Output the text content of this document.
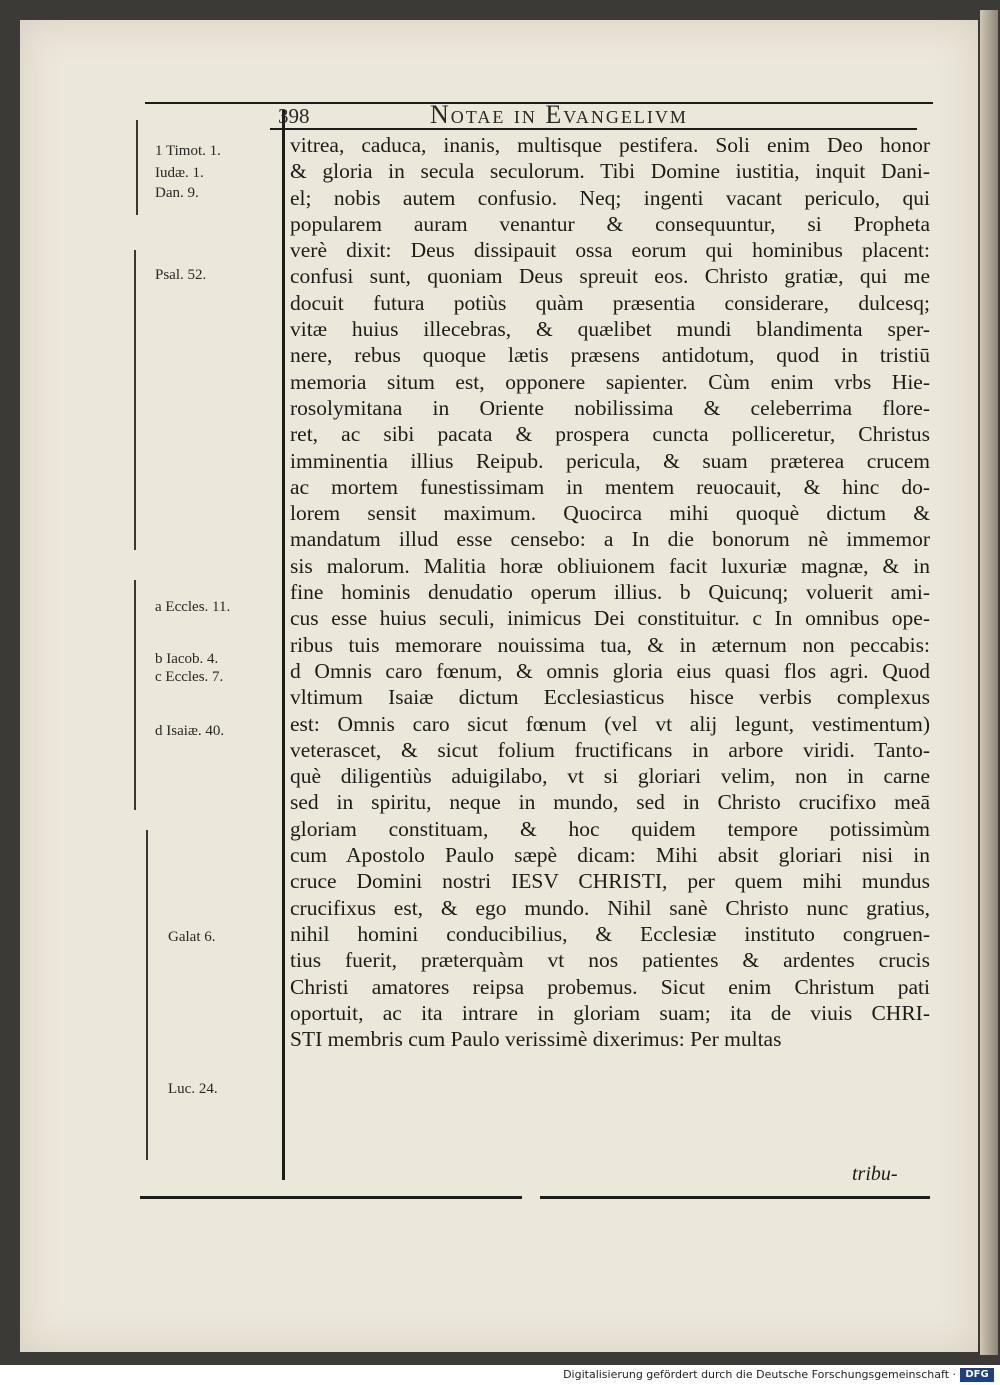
398	Notae in Evangelivm
1 Timot. 1.
Iudæ. 1.
Dan. 9.
Psal. 52.
a Eccles. 11.
b Iacob. 4.
c Eccles. 7.
d Isaiæ. 40.
Galat 6.
Luc. 24.
vitrea, caduca, inanis, multisque pestifera. Soli enim Deo honor
& gloria in secula seculorum. Tibi Domine iustitia, inquit Dani-
el; nobis autem confusio. Neq; ingenti vacant periculo, qui
popularem auram venantur & consequuntur, si Propheta
verè dixit: Deus dissipauit ossa eorum qui hominibus placent:
confusi sunt, quoniam Deus spreuit eos. Christo gratiæ, qui me
docuit futura potiùs quàm præsentia considerare, dulcesq;
vitæ huius illecebras, & quælibet mundi blandimenta sper-
nere, rebus quoque lætis præsens antidotum, quod in tristiū
memoria situm est, opponere sapienter. Cùm enim vrbs Hie-
rosolymitana in Oriente nobilissima & celeberrima flore-
ret, ac sibi pacata & prospera cuncta polliceretur, Christus
imminentia illius Reipub. pericula, & suam præterea crucem
ac mortem funestissimam in mentem reuocauit, & hinc do-
lorem sensit maximum. Quocirca mihi quoquè dictum &
mandatum illud esse censebo: a In die bonorum nè immemor
sis malorum. Malitia horæ obliuionem facit luxuriæ magnæ, & in
fine hominis denudatio operum illius. b Quicunq; voluerit ami-
cus esse huius seculi, inimicus Dei constituitur. c In omnibus ope-
ribus tuis memorare nouissima tua, & in æternum non peccabis:
d Omnis caro fœnum, & omnis gloria eius quasi flos agri. Quod
vltimum Isaiæ dictum Ecclesiasticus hisce verbis complexus
est: Omnis caro sicut fœnum (vel vt alij legunt, vestimentum)
veterascet, & sicut folium fructificans in arbore viridi. Tanto-
què diligentiùs aduigilabo, vt si gloriari velim, non in carne
sed in spiritu, neque in mundo, sed in Christo crucifixo meā
gloriam constituam, & hoc quidem tempore potissimùm
cum Apostolo Paulo sæpè dicam: Mihi absit gloriari nisi in
cruce Domini nostri IESV CHRISTI, per quem mihi mundus
crucifixus est, & ego mundo. Nihil sanè Christo nunc gratius,
nihil homini conducibilius, & Ecclesiæ instituto congruen-
tius fuerit, præterquàm vt nos patientes & ardentes crucis
Christi amatores reipsa probemus. Sicut enim Christum pati
oportuit, ac ita intrare in gloriam suam; ita de viuis CHRI-
STI membris cum Paulo verissimè dixerimus: Per multas
tribu-
Digitalisierung gefördert durch die Deutsche Forschungsgemeinschaft · DFG
